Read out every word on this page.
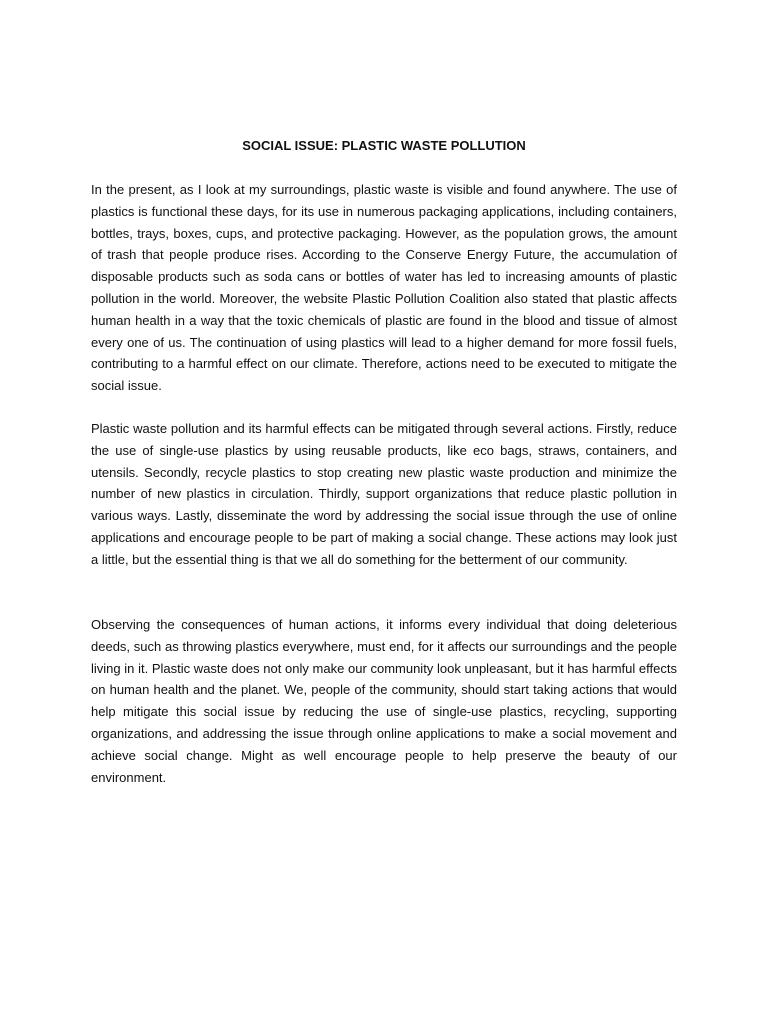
SOCIAL ISSUE: PLASTIC WASTE POLLUTION

In the present, as I look at my surroundings, plastic waste is visible and found anywhere. The use of plastics is functional these days, for its use in numerous packaging applications, including containers, bottles, trays, boxes, cups, and protective packaging. However, as the population grows, the amount of trash that people produce rises. According to the Conserve Energy Future, the accumulation of disposable products such as soda cans or bottles of water has led to increasing amounts of plastic pollution in the world. Moreover, the website Plastic Pollution Coalition also stated that plastic affects human health in a way that the toxic chemicals of plastic are found in the blood and tissue of almost every one of us. The continuation of using plastics will lead to a higher demand for more fossil fuels, contributing to a harmful effect on our climate. Therefore, actions need to be executed to mitigate the social issue.

Plastic waste pollution and its harmful effects can be mitigated through several actions. Firstly, reduce the use of single-use plastics by using reusable products, like eco bags, straws, containers, and utensils. Secondly, recycle plastics to stop creating new plastic waste production and minimize the number of new plastics in circulation. Thirdly, support organizations that reduce plastic pollution in various ways. Lastly, disseminate the word by addressing the social issue through the use of online applications and encourage people to be part of making a social change. These actions may look just a little, but the essential thing is that we all do something for the betterment of our community.

Observing the consequences of human actions, it informs every individual that doing deleterious deeds, such as throwing plastics everywhere, must end, for it affects our surroundings and the people living in it. Plastic waste does not only make our community look unpleasant, but it has harmful effects on human health and the planet. We, people of the community, should start taking actions that would help mitigate this social issue by reducing the use of single-use plastics, recycling, supporting organizations, and addressing the issue through online applications to make a social movement and achieve social change. Might as well encourage people to help preserve the beauty of our environment.
